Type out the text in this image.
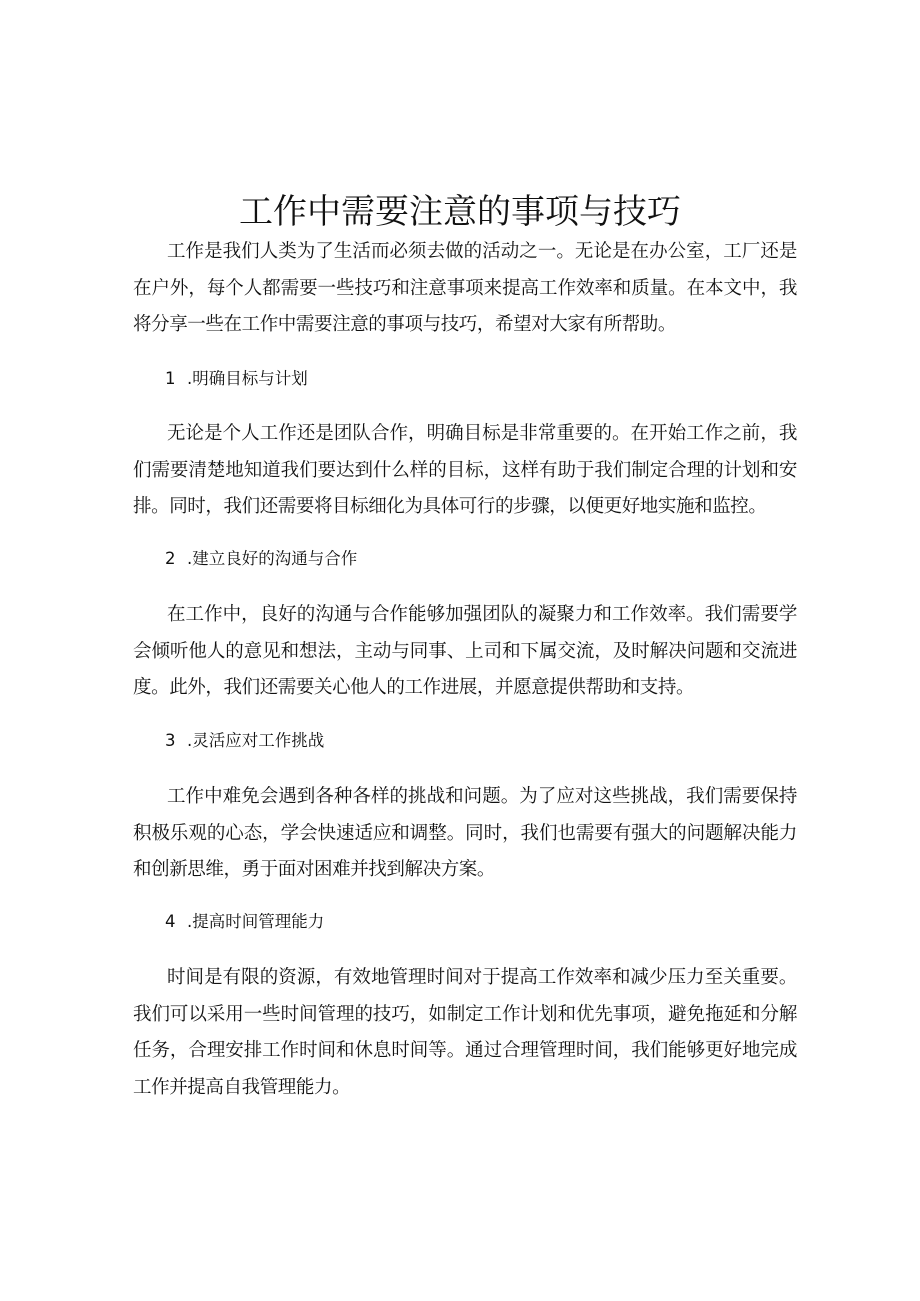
工作中需要注意的事项与技巧

工作是我们人类为了生活而必须去做的活动之一。无论是在办公室，工厂还是在户外，每个人都需要一些技巧和注意事项来提高工作效率和质量。在本文中，我将分享一些在工作中需要注意的事项与技巧，希望对大家有所帮助。

1 .明确目标与计划

无论是个人工作还是团队合作，明确目标是非常重要的。在开始工作之前，我们需要清楚地知道我们要达到什么样的目标，这样有助于我们制定合理的计划和安排。同时，我们还需要将目标细化为具体可行的步骤，以便更好地实施和监控。

2 .建立良好的沟通与合作

在工作中，良好的沟通与合作能够加强团队的凝聚力和工作效率。我们需要学会倾听他人的意见和想法，主动与同事、上司和下属交流，及时解决问题和交流进度。此外，我们还需要关心他人的工作进展，并愿意提供帮助和支持。

3 .灵活应对工作挑战

工作中难免会遇到各种各样的挑战和问题。为了应对这些挑战，我们需要保持积极乐观的心态，学会快速适应和调整。同时，我们也需要有强大的问题解决能力和创新思维，勇于面对困难并找到解决方案。

4 .提高时间管理能力

时间是有限的资源，有效地管理时间对于提高工作效率和减少压力至关重要。我们可以采用一些时间管理的技巧，如制定工作计划和优先事项，避免拖延和分解任务，合理安排工作时间和休息时间等。通过合理管理时间，我们能够更好地完成工作并提高自我管理能力。
